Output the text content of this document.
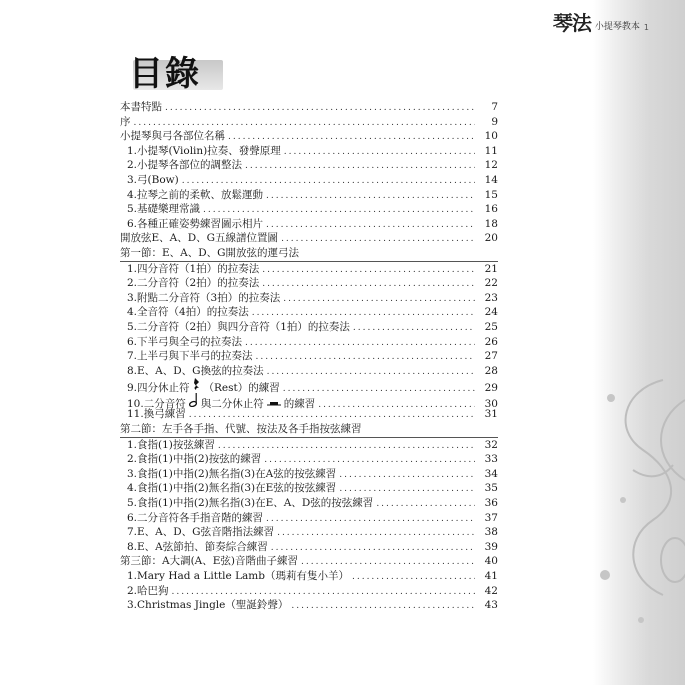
琴法 小提琴教本 1
目錄
本書特點 .....	7
序 .....	9
小提琴與弓各部位名稱 .....	10
1.小提琴(Violin)拉奏、發聲原理 .....	11
2.小提琴各部位的調整法 .....	12
3.弓(Bow) .....	14
4.拉琴之前的柔軟、放鬆運動 .....	15
5.基礎樂理常識 .....	16
6.各種正確姿勢練習圖示相片 .....	18
開放弦E、A、D、G五線譜位置圖 .....	20
第一節：E、A、D、G開放弦的運弓法
1.四分音符（1拍）的拉奏法 .....	21
2.二分音符（2拍）的拉奏法 .....	22
3.附點二分音符（3拍）的拉奏法 .....	23
4.全音符（4拍）的拉奏法 .....	24
5.二分音符（2拍）與四分音符（1拍）的拉奏法 .....	25
6.下半弓與全弓的拉奏法 .....	26
7.上半弓與下半弓的拉奏法 .....	27
8.E、A、D、G換弦的拉奏法 .....	28
9.四分休止符 （Rest）的練習 .....	29
10.二分音符 與二分休止符 的練習 .....	30
11.換弓練習 .....	31
第二節：左手各手指、代號、按法及各手指按弦練習
1.食指(1)按弦練習 .....	32
2.食指(1)中指(2)按弦的練習 .....	33
3.食指(1)中指(2)無名指(3)在A弦的按弦練習 .....	34
4.食指(1)中指(2)無名指(3)在E弦的按弦練習 .....	35
5.食指(1)中指(2)無名指(3)在E、A、D弦的按弦練習 .....	36
6.二分音符各手指音階的練習 .....	37
7.E、A、D、G弦音階指法練習 .....	38
8.E、A弦節拍、節奏綜合練習 .....	39
第三節：A大調(A、E弦)音階曲子練習 .....	40
1.Mary Had a Little Lamb（瑪莉有隻小羊） .....	41
2.哈巴狗 .....	42
3.Christmas Jingle（聖誕鈴聲） .....	43
